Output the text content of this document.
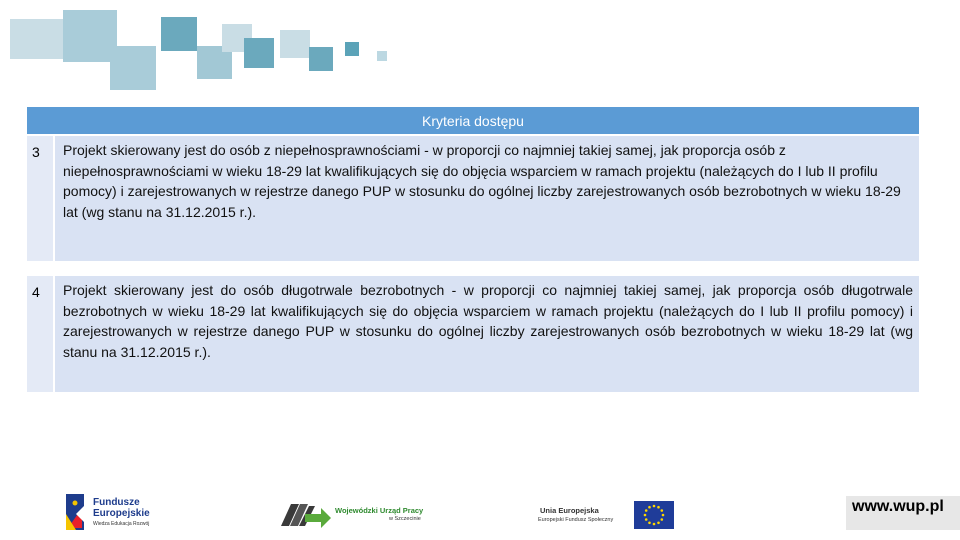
Kryteria dostępu
3 Projekt skierowany jest do osób z niepełnosprawnościami - w proporcji co najmniej takiej samej, jak proporcja osób z niepełnosprawnościami w wieku 18-29 lat kwalifikujących się do objęcia wsparciem w ramach projektu (należących do I lub II profilu pomocy) i zarejestrowanych w rejestrze danego PUP w stosunku do ogólnej liczby zarejestrowanych osób bezrobotnych w wieku 18-29 lat (wg stanu na 31.12.2015 r.).
4 Projekt skierowany jest do osób długotrwale bezrobotnych - w proporcji co najmniej takiej samej, jak proporcja osób długotrwale bezrobotnych w wieku 18-29 lat kwalifikujących się do objęcia wsparciem w ramach projektu (należących do I lub II profilu pomocy) i zarejestrowanych w rejestrze danego PUP w stosunku do ogólnej liczby zarejestrowanych osób bezrobotnych w wieku 18-29 lat (wg stanu na 31.12.2015 r.).
Fundusze
Europejskie
Wiedza Edukacja Rozwój
Wojewódzki Urząd Pracy
w Szczecinie
Unia Europejska
Europejski Fundusz Społeczny
www.wup.pl
